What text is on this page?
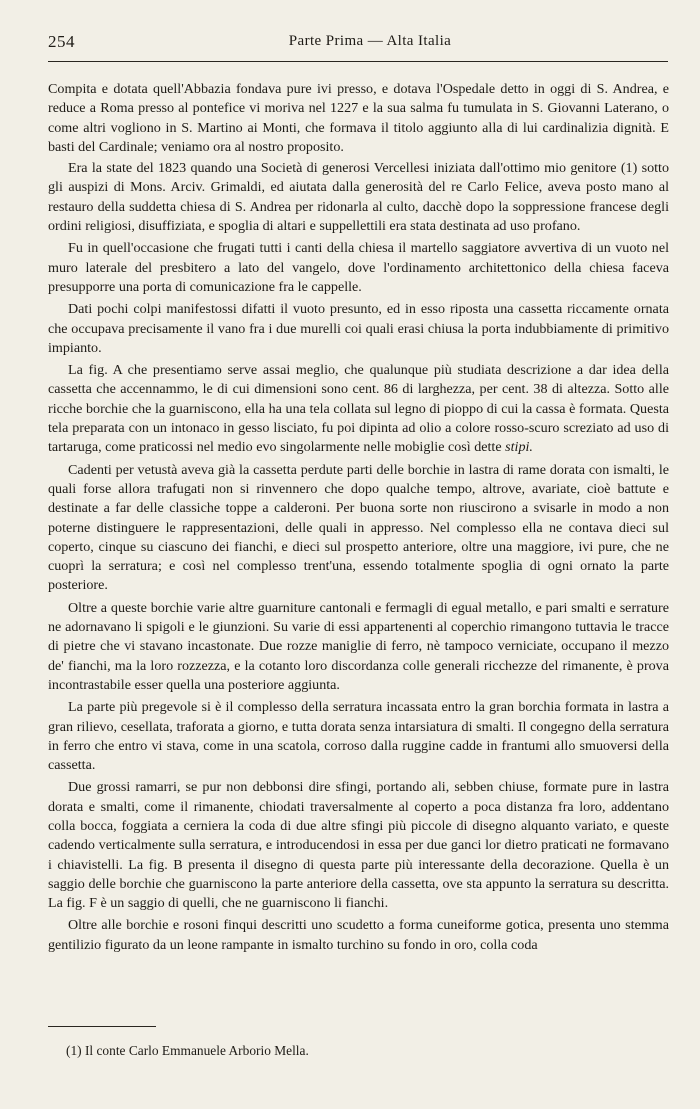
254	Parte Prima — Alta Italia

Compita e dotata quell'Abbazia fondava pure ivi presso, e dotava l'Ospedale detto in oggi di S. Andrea, e reduce a Roma presso al pontefice vi moriva nel 1227 e la sua salma fu tumulata in S. Giovanni Laterano, o come altri vogliono in S. Martino ai Monti, che formava il titolo aggiunto alla di lui cardinalizia dignità. E basti del Cardinale; veniamo ora al nostro proposito.

Era la state del 1823 quando una Società di generosi Vercellesi iniziata dall'ottimo mio genitore (1) sotto gli auspizi di Mons. Arciv. Grimaldi, ed aiutata dalla generosità del re Carlo Felice, aveva posto mano al restauro della suddetta chiesa di S. Andrea per ridonarla al culto, dacchè dopo la soppressione francese degli ordini religiosi, disuffiziata, e spoglia di altari e suppellettili era stata destinata ad uso profano.

Fu in quell'occasione che frugati tutti i canti della chiesa il martello saggiatore avvertiva di un vuoto nel muro laterale del presbitero a lato del vangelo, dove l'ordinamento architettonico della chiesa faceva presupporre una porta di comunicazione fra le cappelle.

Dati pochi colpi manifestossi difatti il vuoto presunto, ed in esso riposta una cassetta riccamente ornata che occupava precisamente il vano fra i due murelli coi quali erasi chiusa la porta indubbiamente di primitivo impianto.

La fig. A che presentiamo serve assai meglio, che qualunque più studiata descrizione a dar idea della cassetta che accennammo, le di cui dimensioni sono cent. 86 di larghezza, per cent. 38 di altezza. Sotto alle ricche borchie che la guarniscono, ella ha una tela collata sul legno di pioppo di cui la cassa è formata. Questa tela preparata con un intonaco in gesso lisciato, fu poi dipinta ad olio a colore rosso-scuro screziato ad uso di tartaruga, come praticossi nel medio evo singolarmente nelle mobiglie così dette stipi.

Cadenti per vetustà aveva già la cassetta perdute parti delle borchie in lastra di rame dorata con ismalti, le quali forse allora trafugati non si rinvennero che dopo qualche tempo, altrove, avariate, cioè battute e destinate a far delle classiche toppe a calderoni. Per buona sorte non riuscirono a svisarle in modo a non poterne distinguere le rappresentazioni, delle quali in appresso. Nel complesso ella ne contava dieci sul coperto, cinque su ciascuno dei fianchi, e dieci sul prospetto anteriore, oltre una maggiore, ivi pure, che ne cuoprì la serratura; e così nel complesso trent'una, essendo totalmente spoglia di ogni ornato la parte posteriore.

Oltre a queste borchie varie altre guarniture cantonali e fermagli di egual metallo, e pari smalti e serrature ne adornavano li spigoli e le giunzioni. Su varie di essi appartenenti al coperchio rimangono tuttavia le tracce di pietre che vi stavano incastonate. Due rozze maniglie di ferro, nè tampoco verniciate, occupano il mezzo de' fianchi, ma la loro rozzezza, e la cotanto loro discordanza colle generali ricchezze del rimanente, è prova incontrastabile esser quella una posteriore aggiunta.

La parte più pregevole si è il complesso della serratura incassata entro la gran borchia formata in lastra a gran rilievo, cesellata, traforata a giorno, e tutta dorata senza intarsiatura di smalti. Il congegno della serratura in ferro che entro vi stava, come in una scatola, corroso dalla ruggine cadde in frantumi allo smuoversi della cassetta.

Due grossi ramarri, se pur non debbonsi dire sfingi, portando ali, sebben chiuse, formate pure in lastra dorata e smalti, come il rimanente, chiodati traversalmente al coperto a poca distanza fra loro, addentano colla bocca, foggiata a cerniera la coda di due altre sfingi più piccole di disegno alquanto variato, e queste cadendo verticalmente sulla serratura, e introducendosi in essa per due ganci lor dietro praticati ne formavano i chiavistelli. La fig. B presenta il disegno di questa parte più interessante della decorazione. Quella è un saggio delle borchie che guarniscono la parte anteriore della cassetta, ove sta appunto la serratura su descritta. La fig. F è un saggio di quelli, che ne guarniscono li fianchi.

Oltre alle borchie e rosoni finqui descritti uno scudetto a forma cuneiforme gotica, presenta uno stemma gentilizio figurato da un leone rampante in ismalto turchino su fondo in oro, colla coda

(1) Il conte Carlo Emmanuele Arborio Mella.
